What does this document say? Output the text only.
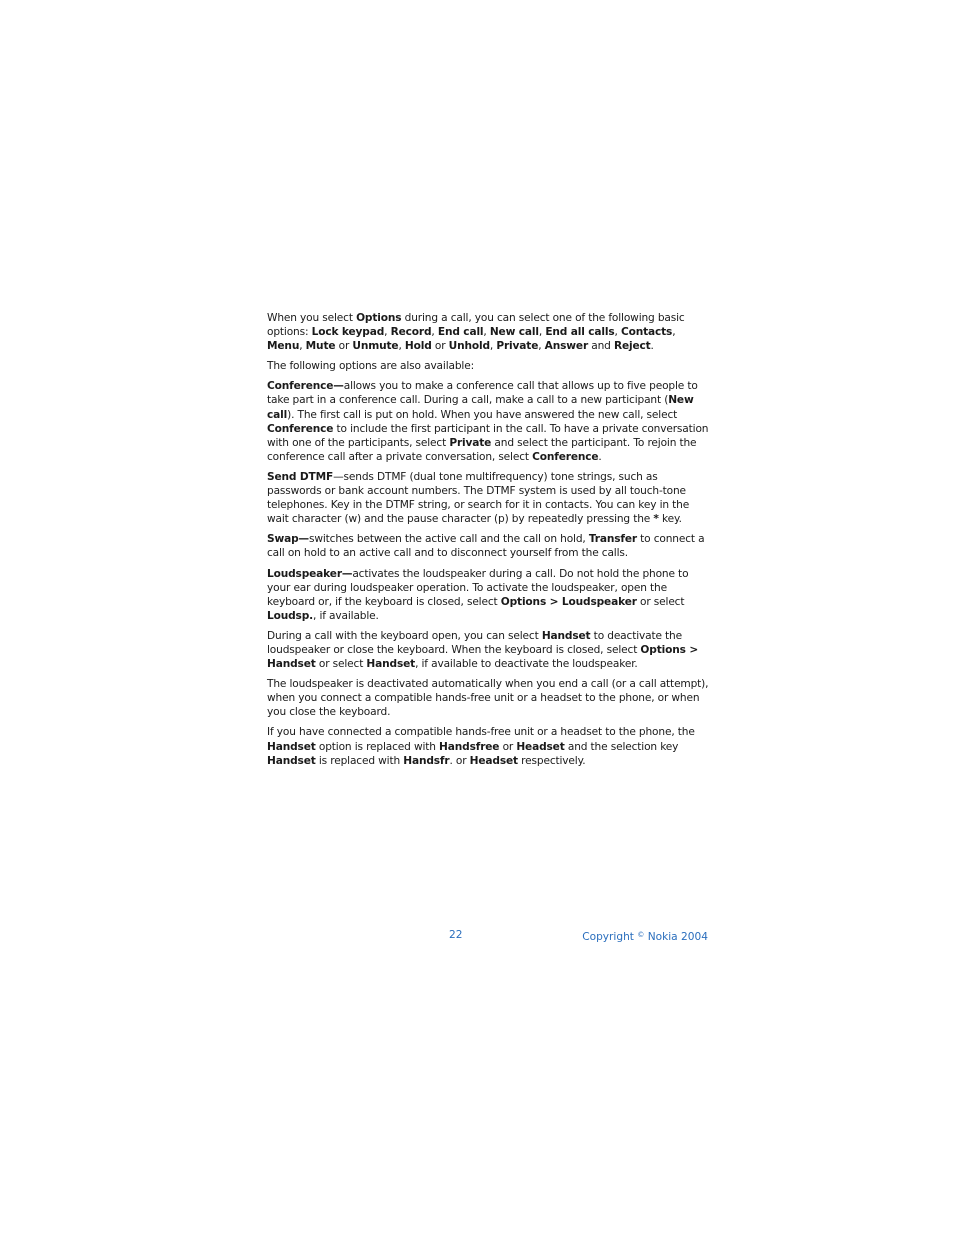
When you select Options during a call, you can select one of the following basic options: Lock keypad, Record, End call, New call, End all calls, Contacts, Menu, Mute or Unmute, Hold or Unhold, Private, Answer and Reject.

The following options are also available:

Conference—allows you to make a conference call that allows up to five people to take part in a conference call. During a call, make a call to a new participant (New call). The first call is put on hold. When you have answered the new call, select Conference to include the first participant in the call. To have a private conversation with one of the participants, select Private and select the participant. To rejoin the conference call after a private conversation, select Conference.

Send DTMF—sends DTMF (dual tone multifrequency) tone strings, such as passwords or bank account numbers. The DTMF system is used by all touch-tone telephones. Key in the DTMF string, or search for it in contacts. You can key in the wait character (w) and the pause character (p) by repeatedly pressing the * key.

Swap—switches between the active call and the call on hold, Transfer to connect a call on hold to an active call and to disconnect yourself from the calls.

Loudspeaker—activates the loudspeaker during a call. Do not hold the phone to your ear during loudspeaker operation. To activate the loudspeaker, open the keyboard or, if the keyboard is closed, select Options > Loudspeaker or select Loudsp., if available.

During a call with the keyboard open, you can select Handset to deactivate the loudspeaker or close the keyboard. When the keyboard is closed, select Options > Handset or select Handset, if available to deactivate the loudspeaker.

The loudspeaker is deactivated automatically when you end a call (or a call attempt), when you connect a compatible hands-free unit or a headset to the phone, or when you close the keyboard.

If you have connected a compatible hands-free unit or a headset to the phone, the Handset option is replaced with Handsfree or Headset and the selection key Handset is replaced with Handsfr. or Headset respectively.

22	Copyright © Nokia 2004
